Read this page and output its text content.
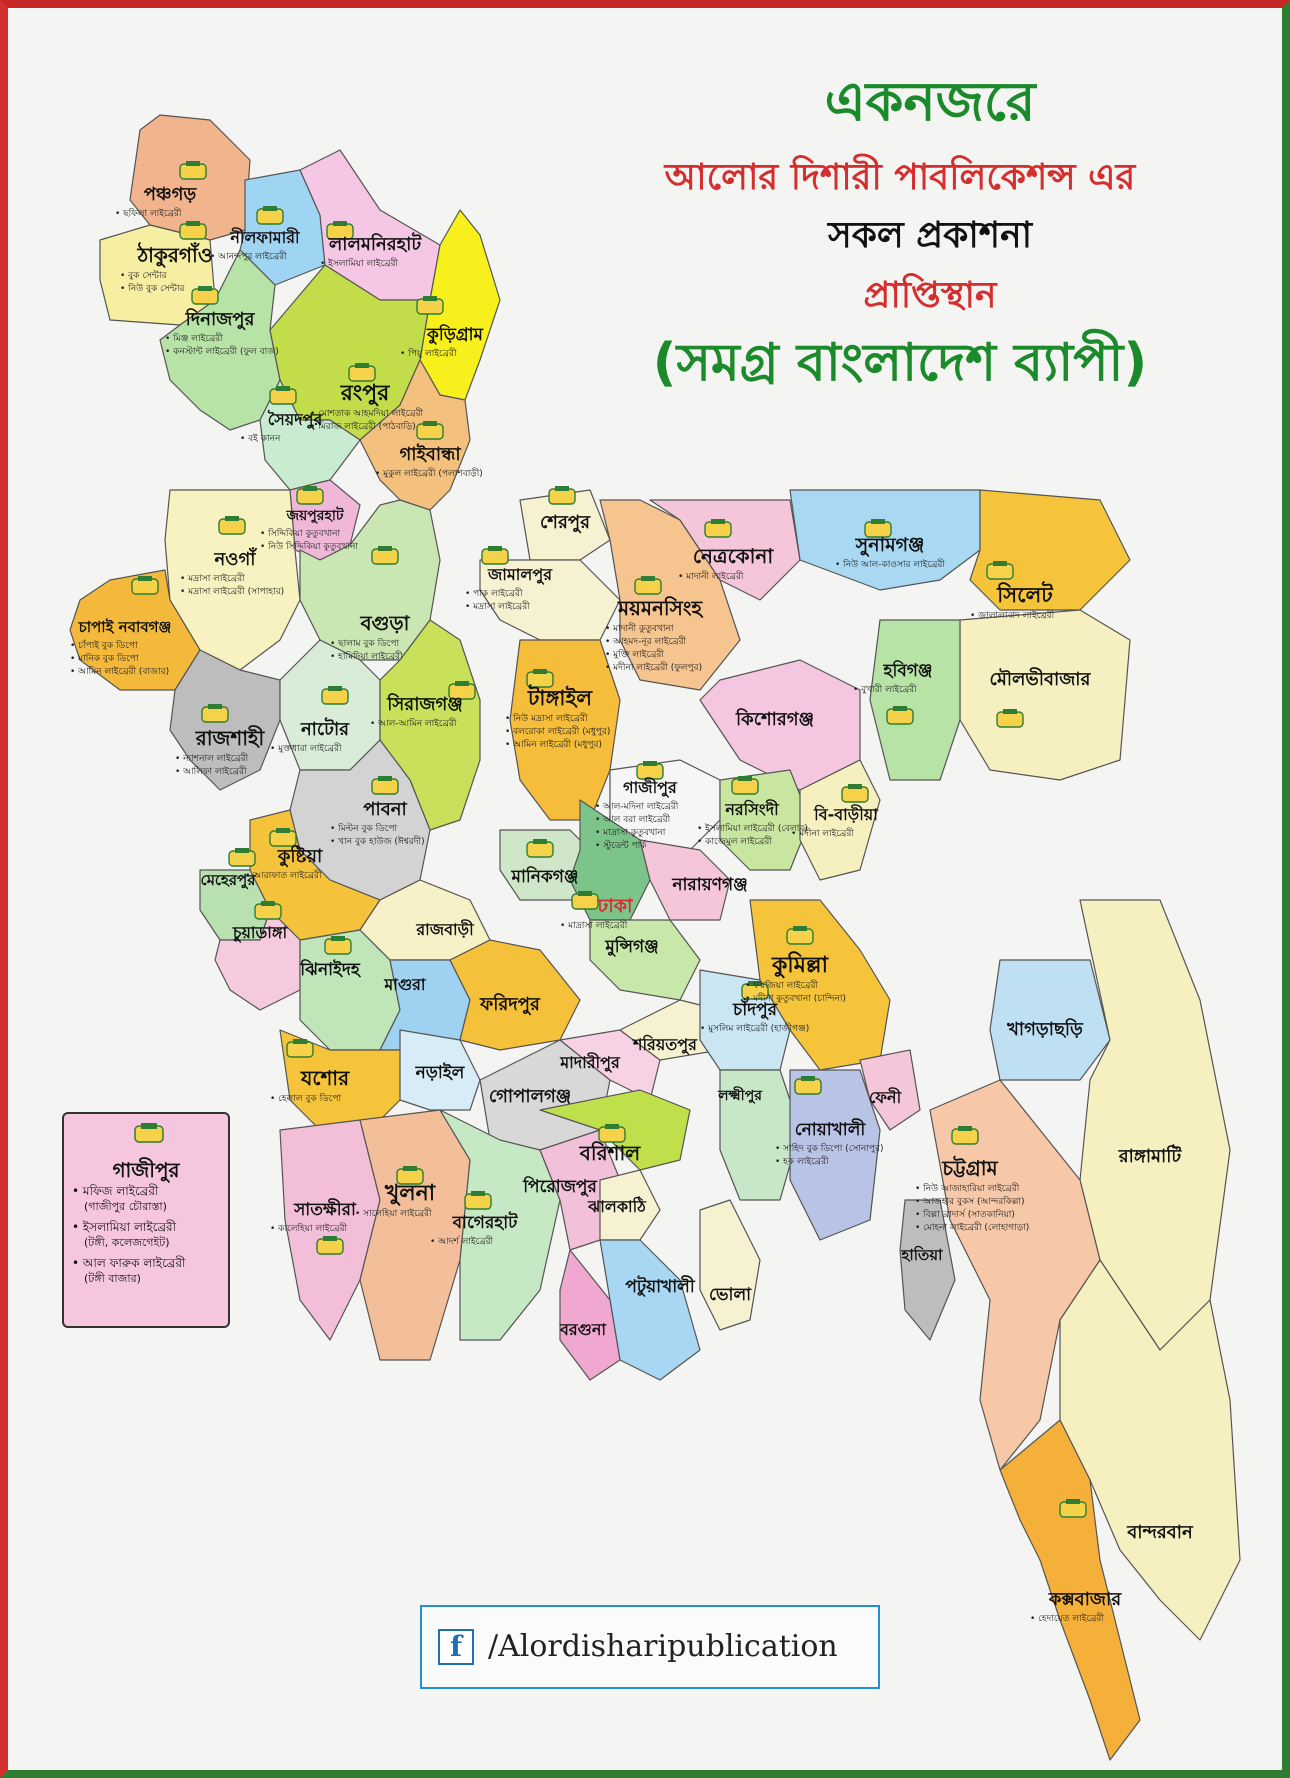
পঞ্চগড়
• ছফিলা লাইব্রেরী
ঠাকুরগাঁও
• বুক সেন্টার
• নিউ বুক সেন্টার
নীলফামারী
• আনন্দপুর লাইব্রেরী
লালমনিরহাট
• ইসলামিয়া লাইব্রেরী
দিনাজপুর
• মিঞ্জ লাইব্রেরী
• কনস্টান্ট লাইব্রেরী (ফুল বাজ)
কুড়িগ্রাম
• পিয়ু লাইব্রেরী
রংপুর
• মোশতাক আহমদিয়া লাইব্রেরী
• মিরাজ লাইব্রেরী (পাঠবাড়ি)
সৈয়দপুর
• বই কানন
গাইবান্ধা
• মুকুল লাইব্রেরী (পলাশবাড়ী)
জয়পুরহাট
• সিদ্দিকিয়া কুতুবখানা
• নিউ সিদ্দিকিয়া কুতুবখানা
নওগাঁ
• মদ্রাসা লাইব্রেরী
• মদ্রাসা লাইব্রেরী (সাপাহার)
চাপাই নবাবগঞ্জ
• চাঁপাই বুক ডিপো
• মানিক বুক ডিপো
• আমিন লাইব্রেরী (বাজার)
বগুড়া
• ছালাম বুক ডিপো
• হামিদিয়া লাইব্রেরী
রাজশাহী
• ন্যাশনাল লাইব্রেরী
• আলিফা লাইব্রেরী
নাটোর
• মুক্তধারা লাইব্রেরী
সিরাজগঞ্জ
• আল-আমিন লাইব্রেরী
পাবনা
• মিল্টন বুক ডিপো
• খান বুক হাউজ (ঈশ্বরদী)
কুষ্টিয়া
• আরাফাত লাইব্রেরী
মেহেরপুর
চুয়াডাঙ্গা
ঝিনাইদহ
রাজবাড়ী
মাগুরা
ফরিদপুর
যশোর
• হেলাল বুক ডিপো
নড়াইল
গোপালগঞ্জ
মাদারীপুর
শরিয়তপুর
সাতক্ষীরা
• কালেহিয়া লাইব্রেরী
খুলনা
• সালেহিয়া লাইব্রেরী বাগেরহাট
• আদর্শ লাইব্রেরী
পিরোজপুর
ঝালকাঠি
বরিশাল
পটুয়াখালী
বরগুনা
ভোলা
শেরপুর
জামালপুর
• পাক লাইব্রেরী
• মদ্রাসা লাইব্রেরী
টাঙ্গাইল
• নিউ মদ্রাসা লাইব্রেরী
• বলরোকা লাইব্রেরী (মধুপুর)
• আমিন লাইব্রেরী (মধুপুর)
ময়মনসিংহ
• মাদানী কুতুবখানা
• আহমদ-নূর লাইব্রেরী
• মুক্তি লাইব্রেরী
• মদীনা লাইব্রেরী (ফুলপুর)
নেত্রকোনা
• মাদানী লাইব্রেরী
সুনামগঞ্জ
• নিউ আল-কাওসার লাইব্রেরী
সিলেট
• জালালাবাদ লাইব্রেরী
মৌলভীবাজার
হবিগঞ্জ
• বুখারী লাইব্রেরী
কিশোরগঞ্জ
গাজীপুর
• আল-মদিনা লাইব্রেরী
• আল বরা লাইব্রেরী
• মাদ্রাসা কুতুবখানা
• স্টুডেন্ট পার্ক
নরসিংদী
• ইসলামিয়া লাইব্রেরী (বেলাব)
• কাজেমুল লাইব্রেরী
বি-বাড়ীয়া
• মদীনা লাইব্রেরী
মানিকগঞ্জ
ঢাকা
• মাদ্রাসা লাইব্রেরী
নারায়ণগঞ্জ
মুন্সিগঞ্জ
কুমিল্লা
• ফয়জিয়া লাইব্রেরী
• মদীনা কুতুবখানা (চান্দিনা)
চাঁদপুর
• মুসলিম লাইব্রেরী (হাজীগঞ্জ)
লক্ষ্মীপুর
নোয়াখালী
• সাহিদ বুক ডিপো (সোনাপুর)
• হক লাইব্রেরী
ফেনী
হাতিয়া
খাগড়াছড়ি
রাঙ্গামাটি
চট্টগ্রাম
• নিউ আজাহারিয়া লাইব্রেরী
• আজহার বুকস (আন্দরকিল্লা)
• বিল্লা ব্রাদার্স (সাতকানিয়া)
• মোহনা লাইব্রেরী (লোহাগাড়া)
বান্দরবান
কক্সবাজার
• হেদায়েত লাইব্রেরী
একনজরে
আলোর দিশারী পাবলিকেশন্স এর
সকল প্রকাশনা
প্রাপ্তিস্থান
(সমগ্র বাংলাদেশ ব্যাপী)
গাজীপুর
• মফিজ লাইব্রেরী
(গাজীপুর চৌরাস্তা)
• ইসলামিয়া লাইব্রেরী
(টঙ্গী, কলেজগেইট)
• আল ফারুক লাইব্রেরী
(টঙ্গী বাজার)
f /Alordisharipublication
